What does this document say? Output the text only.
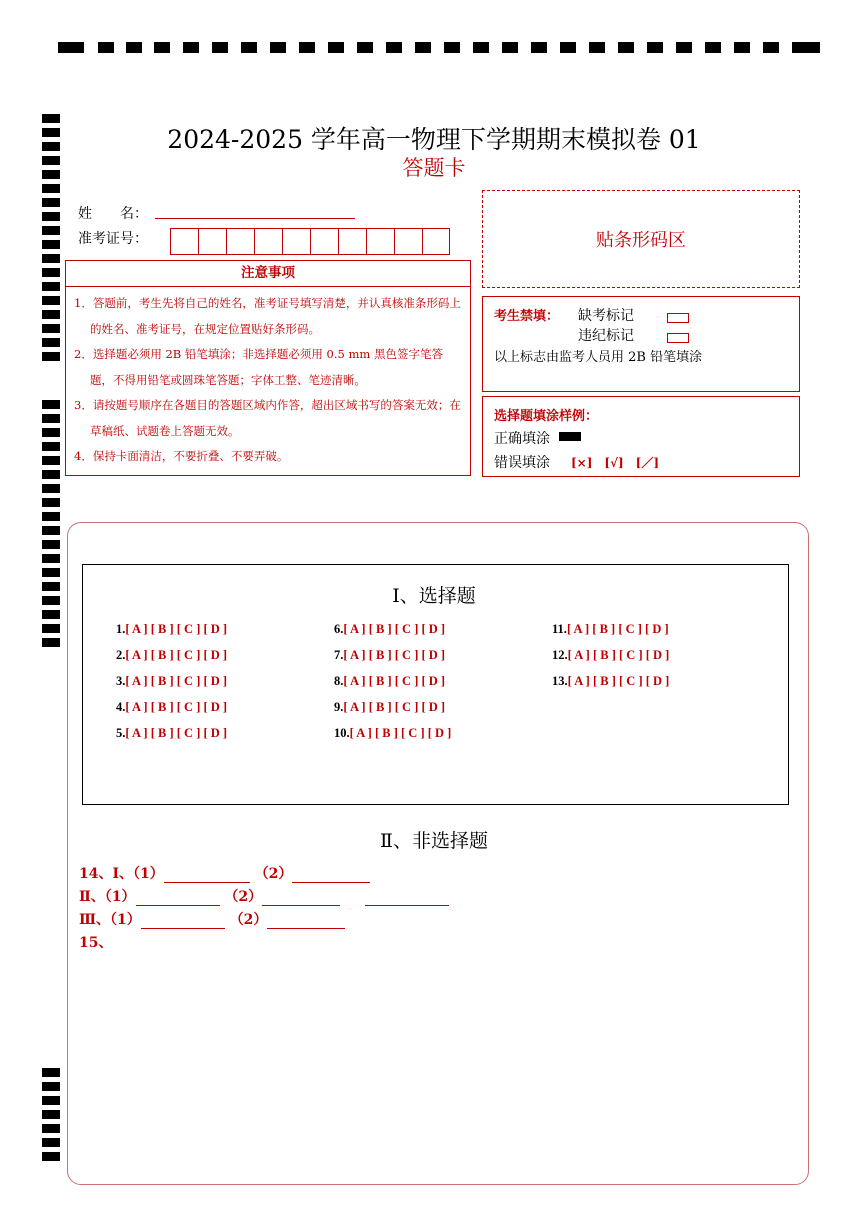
2024-2025 学年高一物理下学期期末模拟卷 01
答题卡
姓　　名：
准考证号：	贴条形码区
注意事项

1．答题前，考生先将自己的姓名，准考证号填写清楚，并认真核准条形码上的姓名、准考证号，在规定位置贴好条形码。

2．选择题必须用 2B 铅笔填涂；非选择题必须用 0.5 mm 黑色签字笔答题，不得用铅笔或圆珠笔答题；字体工整、笔迹清晰。

3．请按题号顺序在各题目的答题区域内作答，超出区域书写的答案无效；在草稿纸、试题卷上答题无效。

4．保持卡面清洁，不要折叠、不要弄破。

考生禁填： 缺考标记
违纪标记
以上标志由监考人员用 2B 铅笔填涂
选择题填涂样例：
正确填涂
错误填涂 [×]　[√]　[／]
Ⅰ、选择题
1.[ A ] [ B ] [ C ] [ D ]
2.[ A ] [ B ] [ C ] [ D ]
3.[ A ] [ B ] [ C ] [ D ]
4.[ A ] [ B ] [ C ] [ D ]
5.[ A ] [ B ] [ C ] [ D ]
6.[ A ] [ B ] [ C ] [ D ]
7.[ A ] [ B ] [ C ] [ D ]
8.[ A ] [ B ] [ C ] [ D ]
9.[ A ] [ B ] [ C ] [ D ]
10.[ A ] [ B ] [ C ] [ D ]
11.[ A ] [ B ] [ C ] [ D ]
12.[ A ] [ B ] [ C ] [ D ]
13.[ A ] [ B ] [ C ] [ D ]
Ⅱ、非选择题
14、Ⅰ、（1）	（2）
Ⅱ、（1）	（2）
Ⅲ、（1）	（2）
15、
